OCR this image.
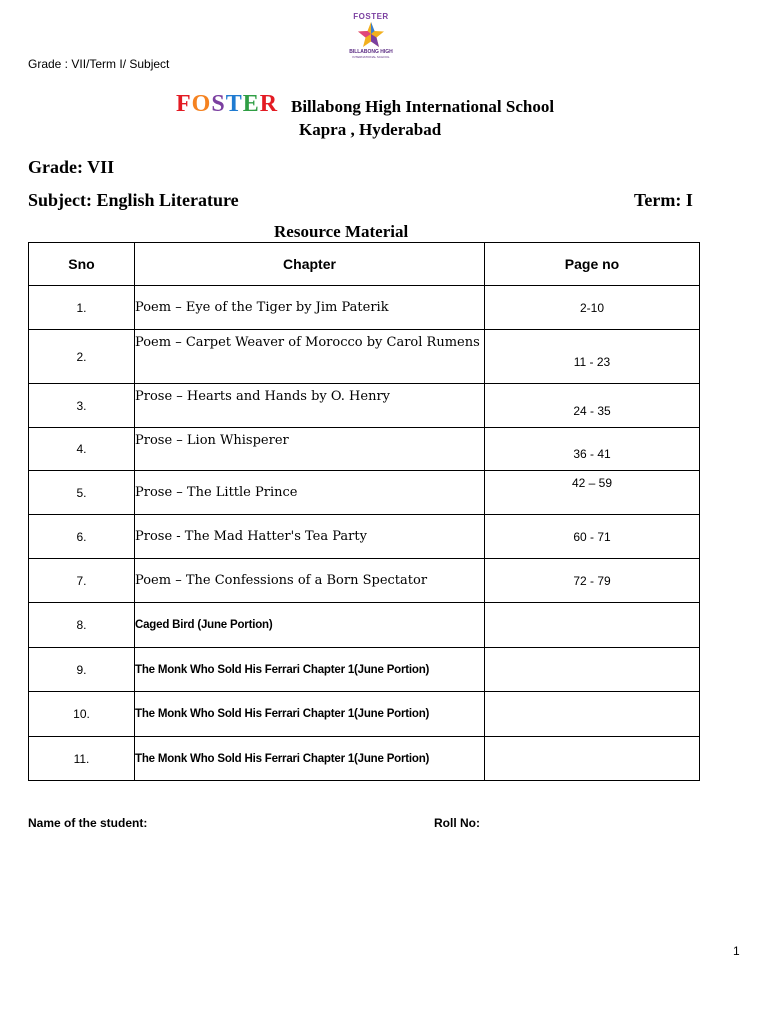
Grade : VII/Term I/ Subject
FOSTER
BILLABONG HIGH
INTERNATIONAL SCHOOL
FOSTER Billabong High International School
Kapra , Hyderabad
Grade: VII
Subject: English Literature	Term: I
Resource Material
Sno	Chapter	Page no
1.	Poem – Eye of the Tiger by Jim Paterik	2-10
2.	Poem – Carpet Weaver of Morocco by Carol Rumens	11 - 23
3.	Prose – Hearts and Hands by O. Henry	24 - 35
4.	Prose – Lion Whisperer	36 - 41
5.	Prose – The Little Prince	42 – 59
6.	Prose - The Mad Hatter's Tea Party	60 - 71
7.	Poem – The Confessions of a Born Spectator	72 - 79
8.	Caged Bird (June Portion)	
9.	The Monk Who Sold His Ferrari Chapter 1(June Portion)	
10.	The Monk Who Sold His Ferrari Chapter 1(June Portion)	
11.	The Monk Who Sold His Ferrari Chapter 1(June Portion)	
Name of the student:	Roll No:
1
